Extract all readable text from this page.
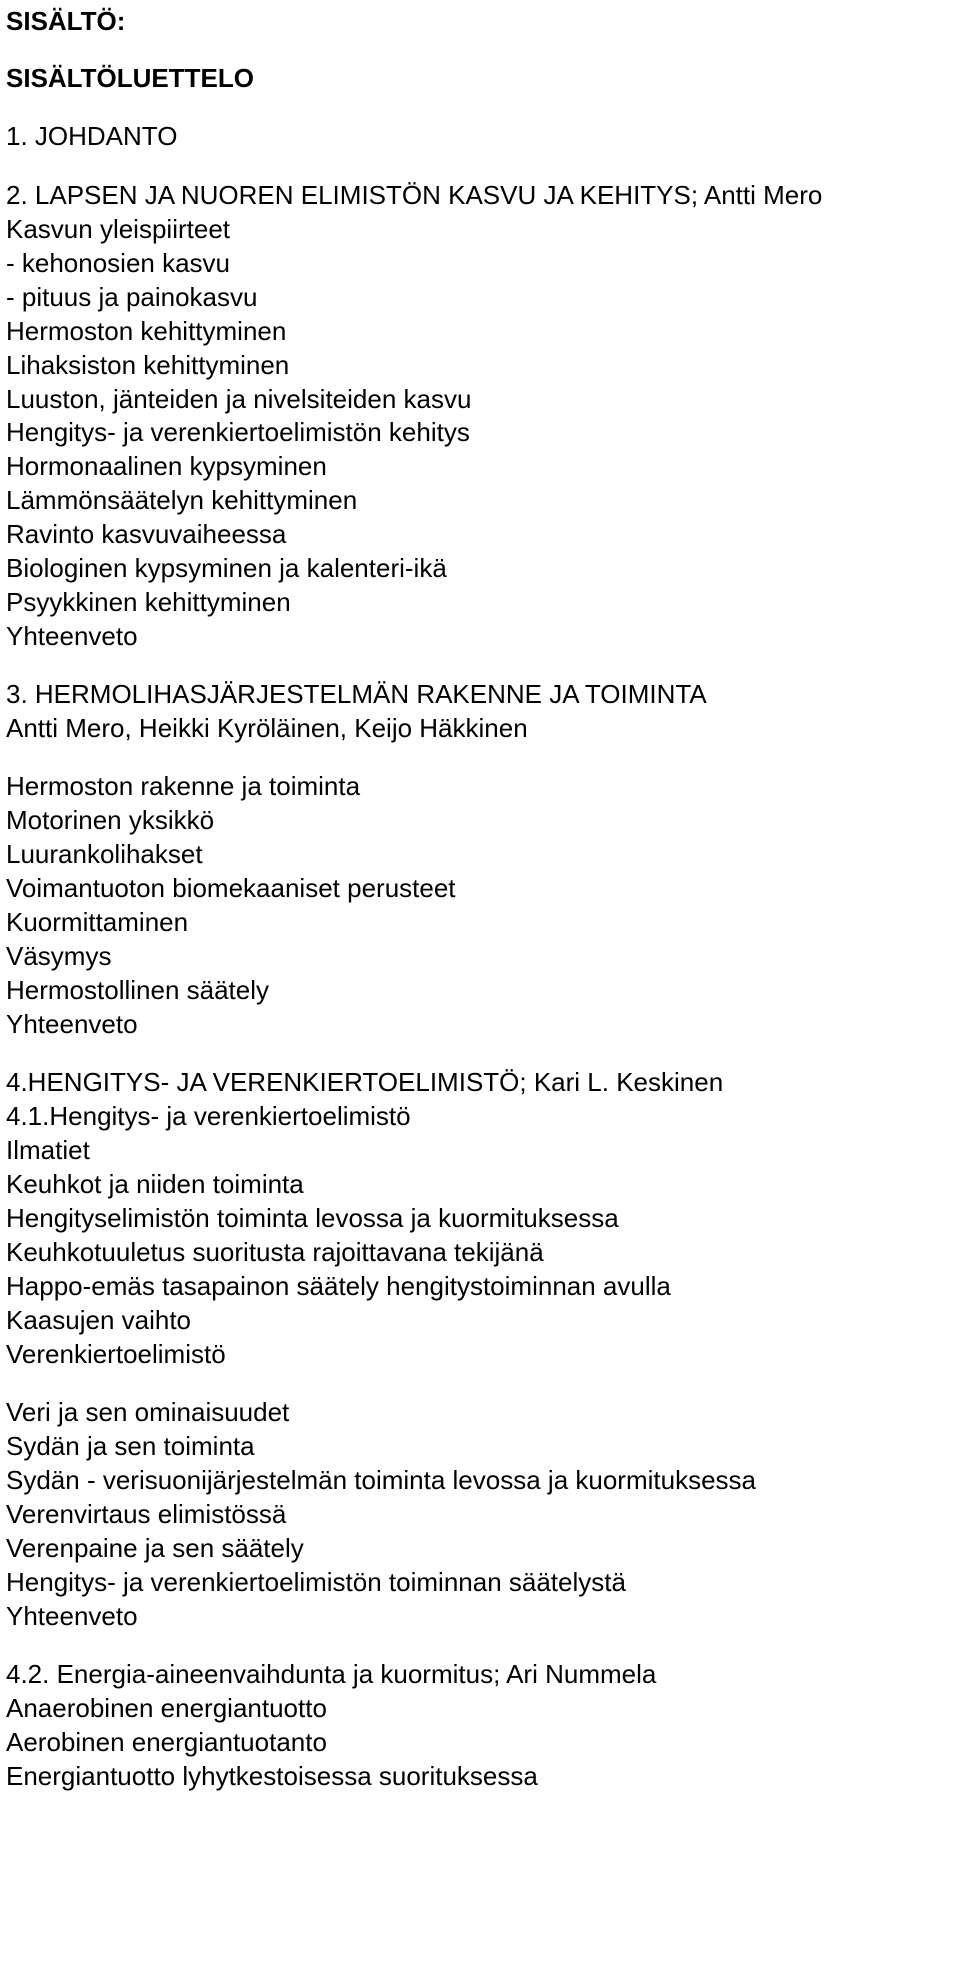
SISÄLTÖ:
SISÄLTÖLUETTELO
1. JOHDANTO
2. LAPSEN JA NUOREN ELIMISTÖN KASVU JA KEHITYS; Antti Mero
Kasvun yleispiirteet
- kehonosien kasvu
- pituus ja painokasvu
Hermoston kehittyminen
Lihaksiston kehittyminen
Luuston, jänteiden ja nivelsiteiden kasvu
Hengitys- ja verenkiertoelimistön kehitys
Hormonaalinen kypsyminen
Lämmönsäätelyn kehittyminen
Ravinto kasvuvaiheessa
Biologinen kypsyminen ja kalenteri-ikä
Psyykkinen kehittyminen
Yhteenveto
3. HERMOLIHASJÄRJESTELMÄN RAKENNE JA TOIMINTA
Antti Mero, Heikki Kyröläinen, Keijo Häkkinen
Hermoston rakenne ja toiminta
Motorinen yksikkö
Luurankolihakset
Voimantuoton biomekaaniset perusteet
Kuormittaminen
Väsymys
Hermostollinen säätely
Yhteenveto
4.HENGITYS- JA VERENKIERTOELIMISTÖ; Kari L. Keskinen
4.1.Hengitys- ja verenkiertoelimistö
Ilmatiet
Keuhkot ja niiden toiminta
Hengityselimistön toiminta levossa ja kuormituksessa
Keuhkotuuletus suoritusta rajoittavana tekijänä
Happo-emäs tasapainon säätely hengitystoiminnan avulla
Kaasujen vaihto
Verenkiertoelimistö
Veri ja sen ominaisuudet
Sydän ja sen toiminta
Sydän - verisuonijärjestelmän toiminta levossa ja kuormituksessa
Verenvirtaus elimistössä
Verenpaine ja sen säätely
Hengitys- ja verenkiertoelimistön toiminnan säätelystä
Yhteenveto
4.2. Energia-aineenvaihdunta ja kuormitus; Ari Nummela
Anaerobinen energiantuotto
Aerobinen energiantuotanto
Energiantuotto lyhytkestoisessa suorituksessa
